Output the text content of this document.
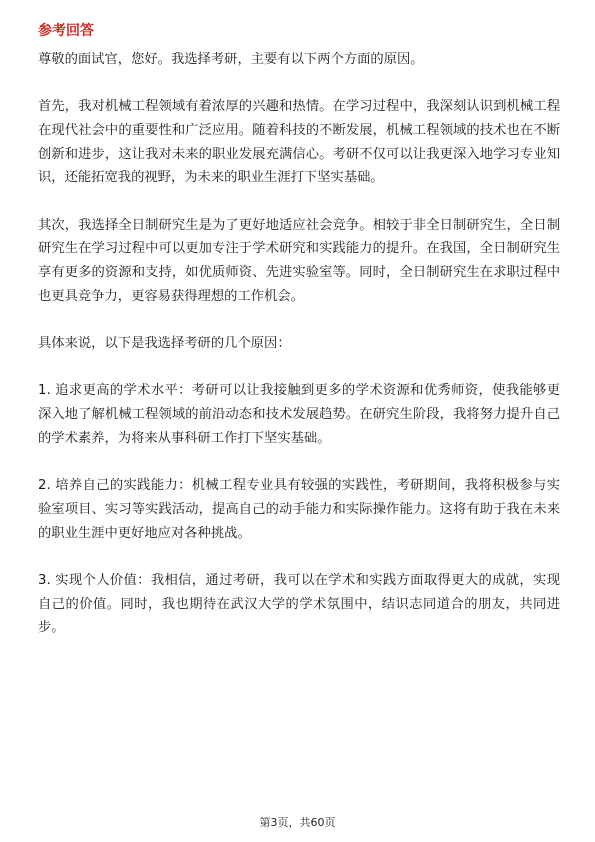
参考回答

尊敬的面试官，您好。我选择考研，主要有以下两个方面的原因。

首先，我对机械工程领域有着浓厚的兴趣和热情。在学习过程中，我深刻认识到机械工程在现代社会中的重要性和广泛应用。随着科技的不断发展，机械工程领域的技术也在不断创新和进步，这让我对未来的职业发展充满信心。考研不仅可以让我更深入地学习专业知识，还能拓宽我的视野，为未来的职业生涯打下坚实基础。

其次，我选择全日制研究生是为了更好地适应社会竞争。相较于非全日制研究生，全日制研究生在学习过程中可以更加专注于学术研究和实践能力的提升。在我国，全日制研究生享有更多的资源和支持，如优质师资、先进实验室等。同时，全日制研究生在求职过程中也更具竞争力，更容易获得理想的工作机会。

具体来说，以下是我选择考研的几个原因：

1. 追求更高的学术水平：考研可以让我接触到更多的学术资源和优秀师资，使我能够更深入地了解机械工程领域的前沿动态和技术发展趋势。在研究生阶段，我将努力提升自己的学术素养，为将来从事科研工作打下坚实基础。

2. 培养自己的实践能力：机械工程专业具有较强的实践性，考研期间，我将积极参与实验室项目、实习等实践活动，提高自己的动手能力和实际操作能力。这将有助于我在未来的职业生涯中更好地应对各种挑战。

3. 实现个人价值：我相信，通过考研，我可以在学术和实践方面取得更大的成就，实现自己的价值。同时，我也期待在武汉大学的学术氛围中，结识志同道合的朋友，共同进步。

第3页，共60页
